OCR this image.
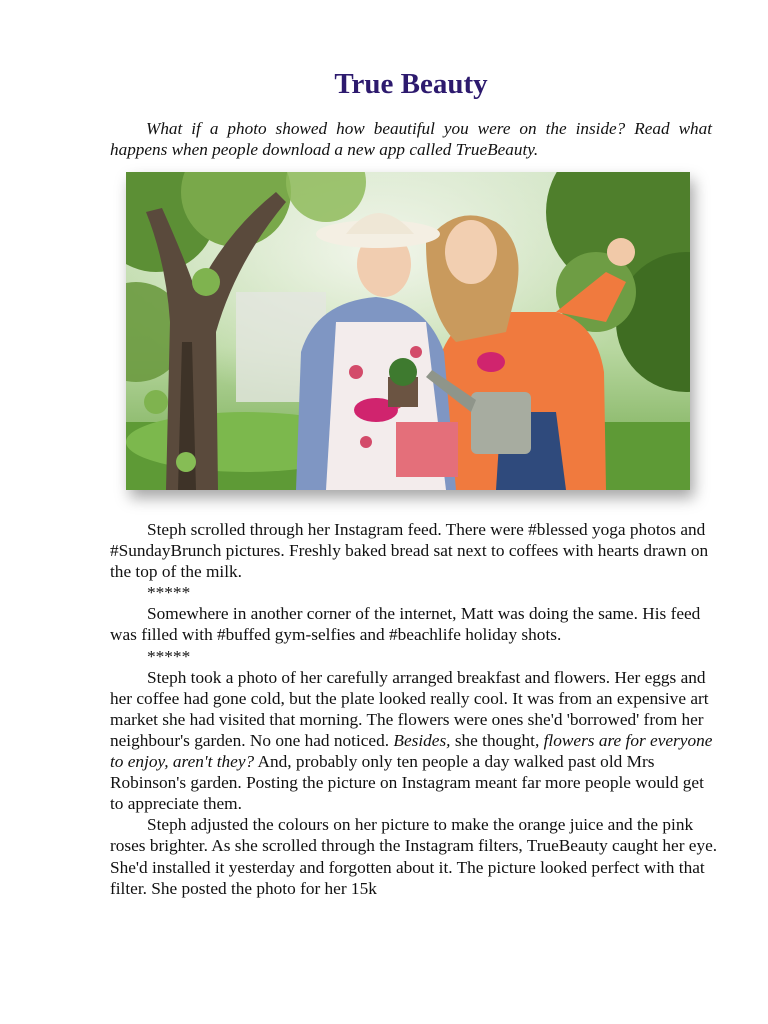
True Beauty

What if a photo showed how beautiful you were on the inside? Read what happens when people download a new app called TrueBeauty.

Steph scrolled through her Instagram feed. There were #blessed yoga photos and #SundayBrunch pictures. Freshly baked bread sat next to coffees with hearts drawn on the top of the milk.

*****

Somewhere in another corner of the internet, Matt was doing the same. His feed was filled with #buffed gym-selfies and #beachlife holiday shots.

*****

Steph took a photo of her carefully arranged breakfast and flowers. Her eggs and her coffee had gone cold, but the plate looked really cool. It was from an expensive art market she had visited that morning. The flowers were ones she'd 'borrowed' from her neighbour's garden. No one had noticed. Besides, she thought, flowers are for everyone to enjoy, aren't they? And, probably only ten people a day walked past old Mrs Robinson's garden. Posting the picture on Instagram meant far more people would get to appreciate them.

Steph adjusted the colours on her picture to make the orange juice and the pink roses brighter. As she scrolled through the Instagram filters, TrueBeauty caught her eye. She'd installed it yesterday and forgotten about it. The picture looked perfect with that filter. She posted the photo for her 15k
